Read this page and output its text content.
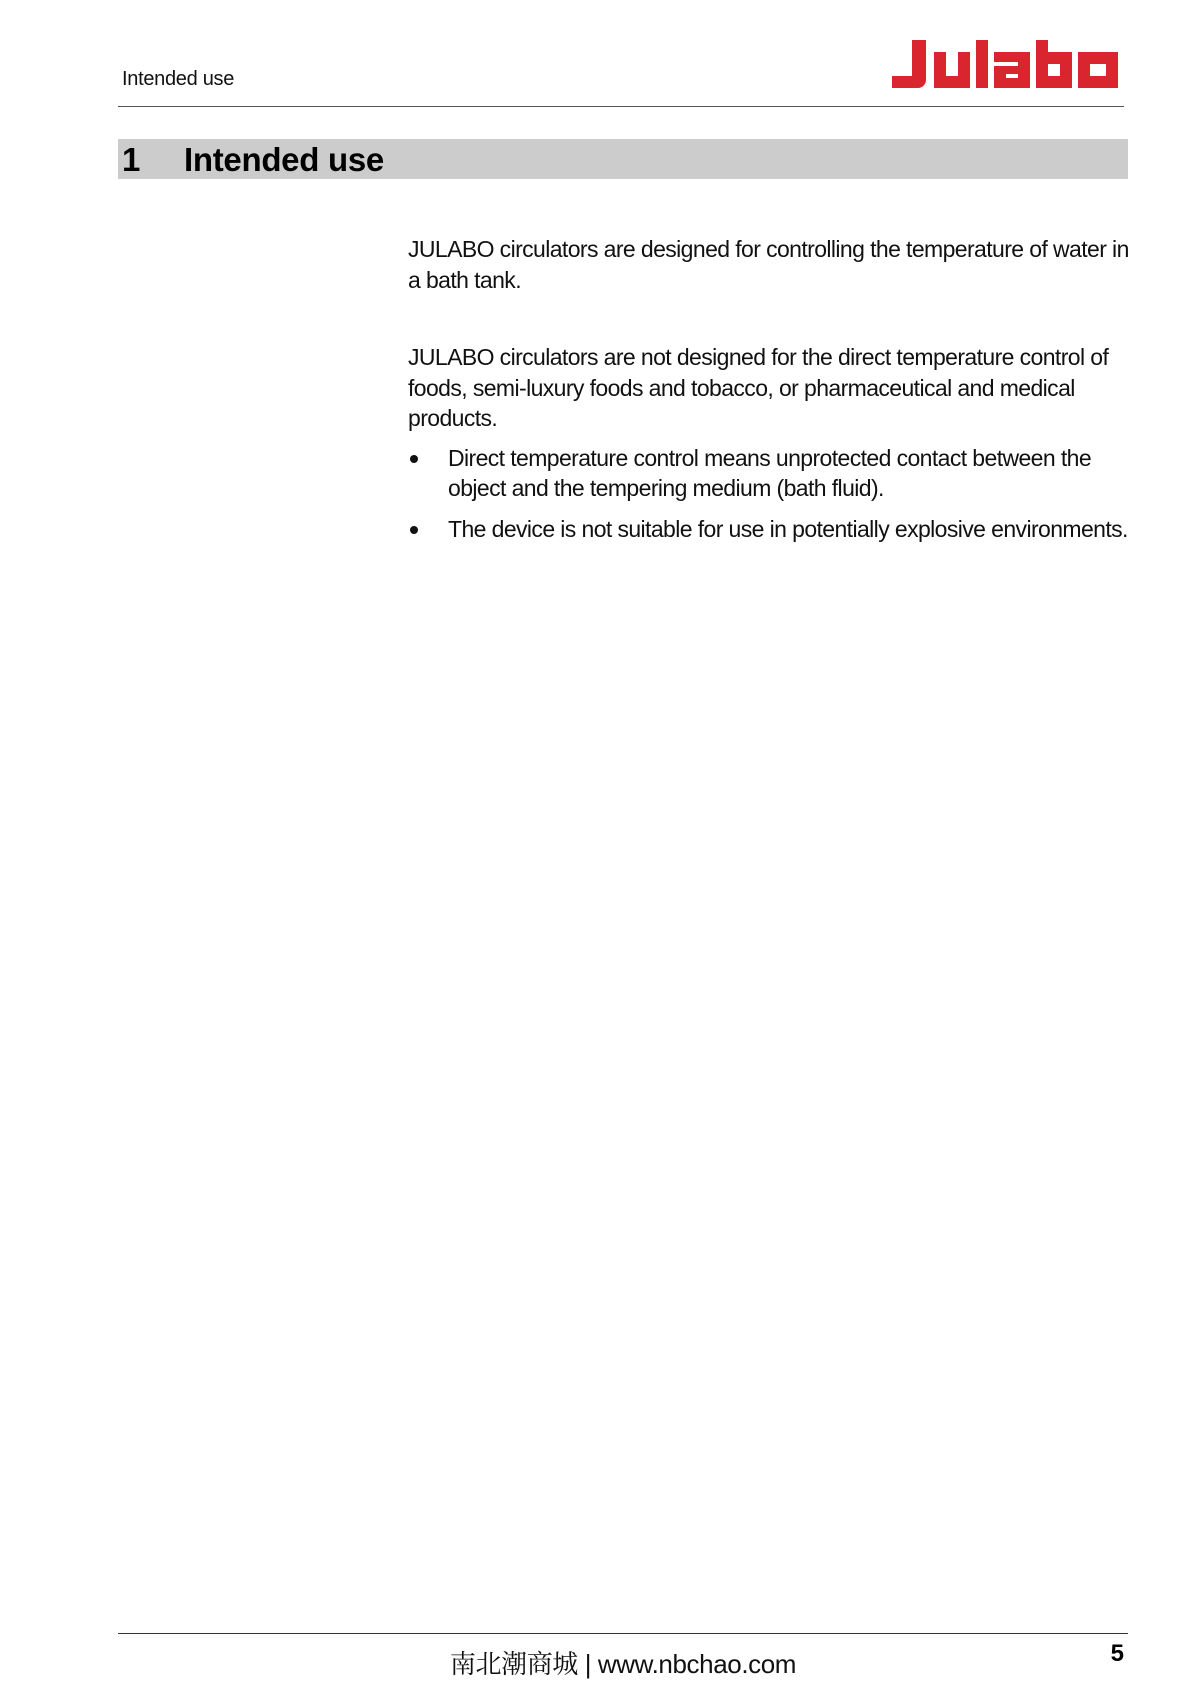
Intended use
1 Intended use

JULABO circulators are designed for controlling the temperature of water in a bath tank.

JULABO circulators are not designed for the direct temperature control of foods, semi-luxury foods and tobacco, or pharmaceutical and medical products.

Direct temperature control means unprotected contact between the object and the tempering medium (bath fluid).
The device is not suitable for use in potentially explosive environments.
南北潮商城 | www.nbchao.com	5
